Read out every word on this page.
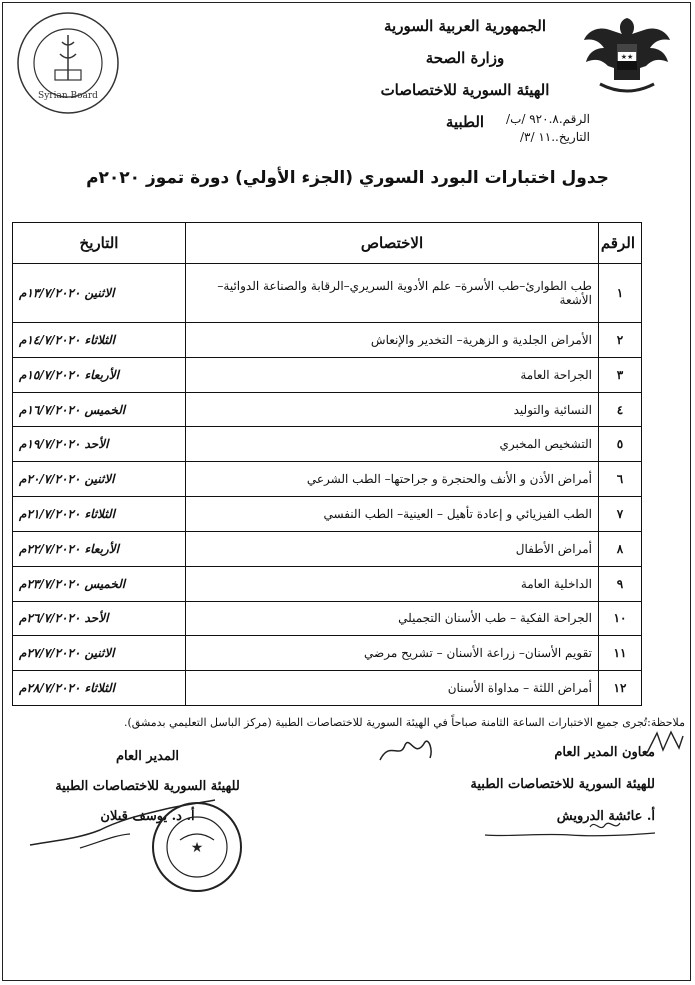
★★
الجمهورية العربية السورية
وزارة الصحة
الهيئة السورية للاختصاصات الطبية
Syrian Board
الرقم.٩٢٠.٨ /ب/
التاريخ..١١ /٣/
جدول اختبارات البورد السوري (الجزء الأولي) دورة تموز ٢٠٢٠م
الرقم	الاختصاص	التاريخ
١	طب الطوارئ–طب الأسرة– علم الأدوية السريري–الرقابة والصناعة الدوائية– الأشعة	الاثنين ١٣/٧/٢٠٢٠م
٢	الأمراض الجلدية و الزهرية– التخدير والإنعاش	الثلاثاء ١٤/٧/٢٠٢٠م
٣	الجراحة العامة	الأربعاء ١٥/٧/٢٠٢٠م
٤	النسائية والتوليد	الخميس ١٦/٧/٢٠٢٠م
٥	التشخيص المخبري	الأحد ١٩/٧/٢٠٢٠م
٦	أمراض الأذن و الأنف والحنجرة و جراحتها– الطب الشرعي	الاثنين ٢٠/٧/٢٠٢٠م
٧	الطب الفيزيائي و إعادة تأهيل – العينية– الطب النفسي	الثلاثاء ٢١/٧/٢٠٢٠م
٨	أمراض الأطفال	الأربعاء ٢٢/٧/٢٠٢٠م
٩	الداخلية العامة	الخميس ٢٣/٧/٢٠٢٠م
١٠	الجراحة الفكية – طب الأسنان التجميلي	الأحد ٢٦/٧/٢٠٢٠م
١١	تقويم الأسنان– زراعة الأسنان – تشريح مرضي	الاثنين ٢٧/٧/٢٠٢٠م
١٢	أمراض اللثة – مداواة الأسنان	الثلاثاء ٢٨/٧/٢٠٢٠م
ملاحظة:تُجرى جميع الاختبارات الساعة الثامنة صباحاً في الهيئة السورية للاختصاصات الطبية (مركز الباسل التعليمي بدمشق).
معاون المدير العام
للهيئة السورية للاختصاصات الطبية
أ. عائشة الدرويش
المدير العام
للهيئة السورية للاختصاصات الطبية
أ. د. يوسف قبلان
★
